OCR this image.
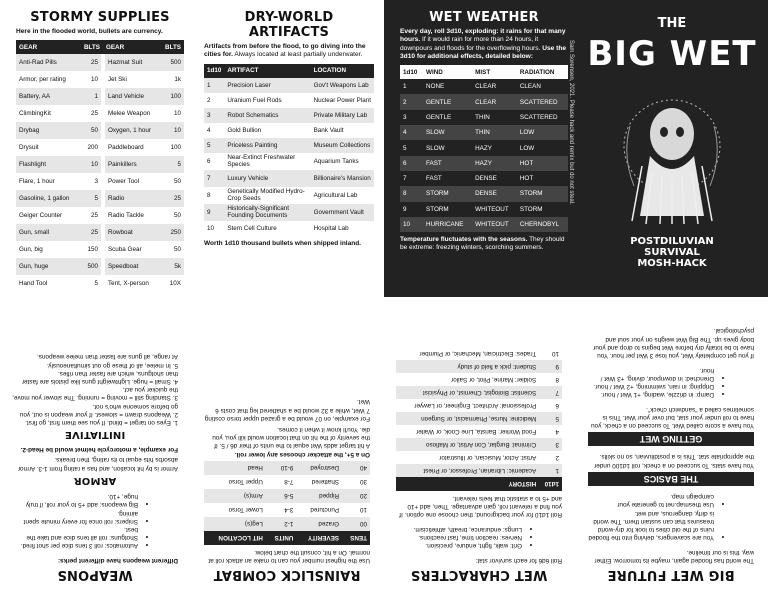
STORMY SUPPLIES
Here in the flooded world, bullets are currency.
GEAR	BLTS	GEAR	BLTS
Anti-Rad Pills	25	Hazmat Suit	500
Armor, per rating	10	Jet Ski	1k
Battery, AA	1	Land Vehicle	100
ClimbingKit	25	Melee Weapon	10
Drybag	50	Oxygen, 1 hour	10
Drysuit	200	Paddleboard	100
Flashlight	10	Painkillers	5
Flare, 1 hour	3	Power Tool	50
Gasoline, 1 gallon	5	Radio	25
Geiger Counter	25	Radio Tackle	50
Gun, small	25	Rowboat	250
Gun, big	150	Scuba Gear	50
Gun, huge	500	Speedboat	5k
Hand Tool	5	Tent, X-person	10X
DRY-WORLD ARTIFACTS
Artifacts from before the flood, to go diving into the cities for. Always located at least partially underwater.
1d10	ARTIFACT	LOCATION
1	Precision Laser	Gov't Weapons Lab
2	Uranium Fuel Rods	Nuclear Power Plant
3	Robot Schematics	Private Military Lab
4	Gold Bullion	Bank Vault
5	Priceless Painting	Museum Collections
6	Near-Extinct Freshwater Species	Aquarium Tanks
7	Luxury Vehicle	Billionaire's Mansion
8	Genetically Modified Hydro-Crop Seeds	Agricultural Lab
9	Historically-Significant Founding Documents	Government Vault
10	Stem Cell Culture	Hospital Lab
Worth 1d10 thousand bullets when shipped inland.
WET WEATHER
Every day, roll 3d10, exploding: it rains for that many hours. If it would rain for more than 24 hours, it downpours and floods for the overflowing hours. Use the 3d10 for additional effects, detailed below:
1d10	WIND	MIST	RADIATION
1	NONE	CLEAR	CLEAN
2	GENTLE	CLEAR	SCATTERED
3	GENTLE	THIN	SCATTERED
4	SLOW	THIN	LOW
5	SLOW	HAZY	LOW
6	FAST	HAZY	HOT
7	FAST	DENSE	HOT
8	STORM	DENSE	STORM
9	STORM	WHITEOUT	STORM
10	HURRICANE	WHITEOUT	CHERNOBYL
Temperature fluctuates with the seasons. They should be extreme: freezing winters, scorching summers.
Sam Sorensen, 2021. Please hack and remix but do not steal.
THE
BIG WET
POSTDILUVIAN
SURVIVAL
MOSH-HACK
BIG WET FUTURE
The world has flooded again, maybe its tomorrow. Either way, this is our timeline.
• You are scavengers, delving into the flooded ruins of the old cities to look for dry-world treasures that can sustain them. The world is dirty, dangerous, and wet.
• Use thesmap.net to generate your campaign map.
THE BASICS
You have stats. To succeed on a check, roll 1d100 under the appropriate stat. This is a postdiluvian, so no skills.
GETTING WET
You have a score called Wet. To succeed on a check, you have to roll under your stat, but over your Wet. This is sometimes called a "sandwich check".
• Damp: in drizzle, wading, +1 Wet / hour.
• Dripping: in rain, swimming, +2 Wet / hour.
• Drenched: in downpour, diving, +3 Wet / hour.
If you get completely Wet, you lose 3 Wet per hour. You have to be totally dry before Wet begins to drop and your body gives up. The Big Wet weighs on your soul and psychological.
WET CHARACTERS
Roll 6d6 for each survivor stat:
• Grit: walk, fight, endure, precision.
• Nerves: reaction time, fast reactions.
• Lungs: endurance, breath, athleticism.
Roll 1d10 for your background, then choose one option. If you find a relevant roll, gain advantage. Then, add +10 and +5 to a statistic that feels relevant.
1d10	HISTORY
1	Academic: Librarian, Professor, or Priest
2	Artist: Actor, Musician, or Illustrator
3	Criminal: Burglar, Con Artist, or Mafioso
4	Food Worker: Barista, Line Cook, or Waiter
5	Medicine: Nurse, Pharmacist, or Surgeon
6	Professional: Architect, Engineer, or Lawyer
7	Scientist: Biologist, Chemist, or Physicist
8	Soldier: Marine, Pilot, or Sailor
9	Student: pick a field of study
10	Trades: Electrician, Mechanic, or Plumber
RAINSLICK COMBAT
Use the highest number you can to make an attack roll at normal. On a hit, consult the chart below.
TENS	SEVERITY	UNITS	HIT LOCATION
00	Grazed	1-2	Leg(s)
10	Punctured	3-4	Lower Torso
20	Ripped	5-6	Arm(s)
30	Shattered	7-8	Upper Torso
40	Destroyed	9-10	Head
On a 5+, the attacker chooses any lower roll.
A hit target adds Wet equal to the units of their d6 / 5. If the severity of the hit on that location would kill you, you die. You'll know it when it comes.
For example, on 07 would be a grazed upper torso costing 7 Wet, while a 32 would be a shattered leg that costs 6 Wet.
WEAPONS
Different weapons have different perks:
• Automatics: roll 3 tens dice per shot fired.
• Shotguns: roll all tens dice and take the best.
• Snipers: roll once for every minute spent aiming.
• Big weapons: add +5 to your roll, if truly huge, +10.
ARMOR
Armor is by hit location, and has a rating from 1-3. Armor absorbs hits equal to its rating, then breaks.
For example, a motorcycle helmet would be Head-2.
INITIATIVE
1. Eyes on target = blind. If you see them first, go first.
2. Weapons drawn = slowest. If your weapon is out, you go before someone who's not.
3. Standing still = moving = running. The slower you move, the quicker you act.
4. Small = huge. Lightweight guns like pistols are faster than shotguns, which are faster than rifles.
5. In melee, all of these go out simultaneously.
At range, all guns are faster than melee weapons.
